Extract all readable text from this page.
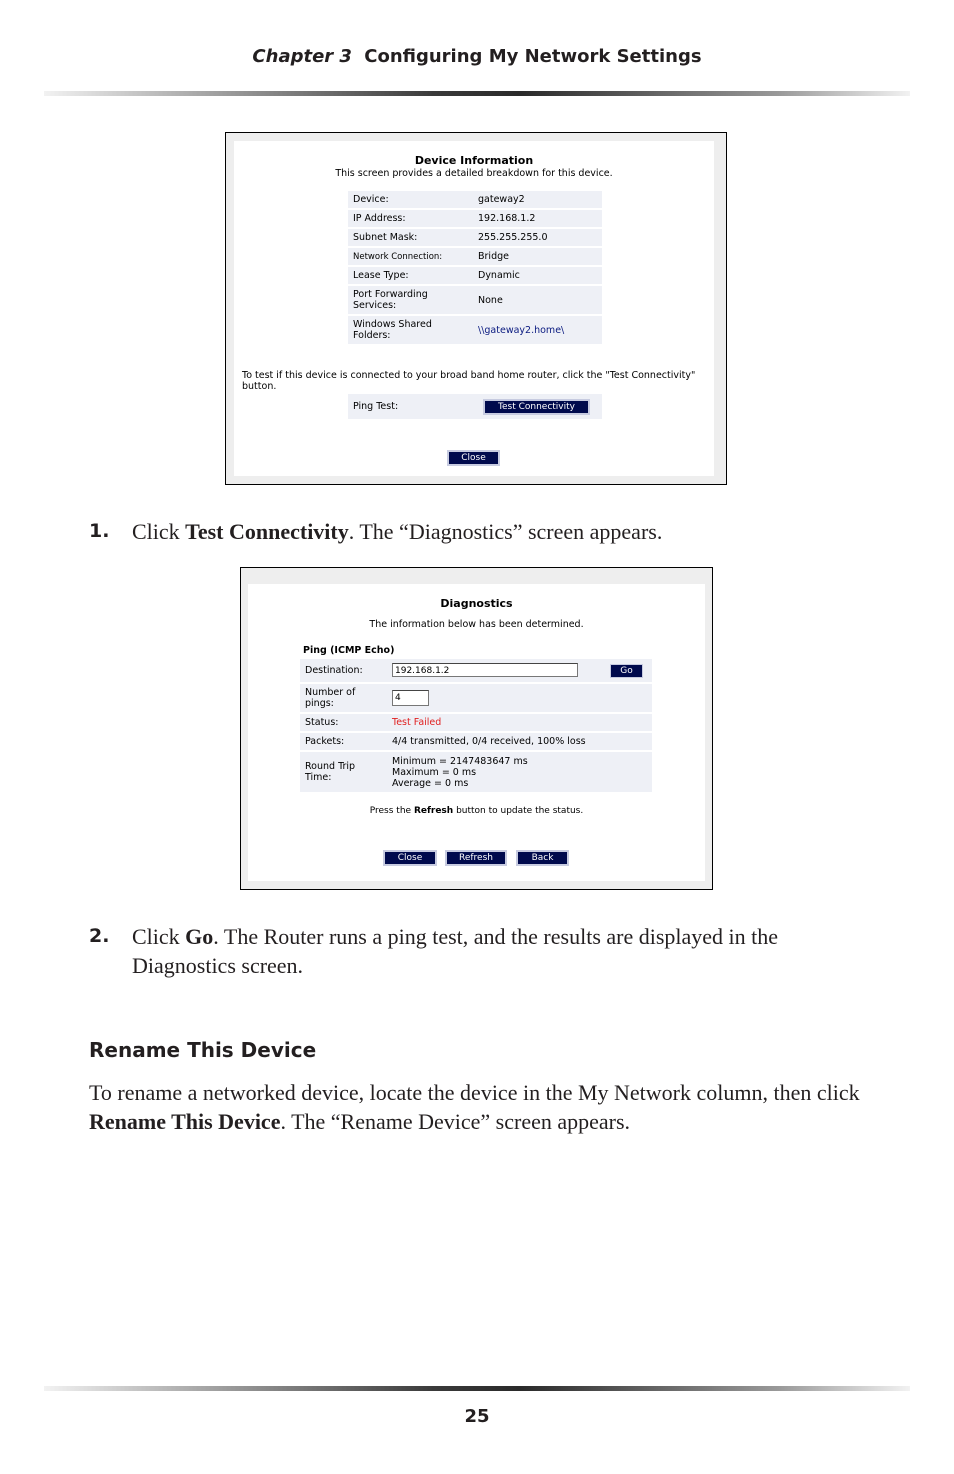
Chapter 3 Configuring My Network Settings
Device Information
This screen provides a detailed breakdown for this device.
Device:	gateway2
IP Address:	192.168.1.2
Subnet Mask:	255.255.255.0
Network Connection:	Bridge
Lease Type:	Dynamic
Port Forwarding Services:	None
Windows Shared Folders:	\\gateway2.home\
To test if this device is connected to your broad band home router, click the "Test Connectivity" button.
Ping Test:	Test Connectivity
Close
1. Click Test Connectivity. The “Diagnostics” screen appears.
Diagnostics
The information below has been determined.
Ping (ICMP Echo)
Destination:	192.168.1.2 Go
Number of pings:	4
Status:	Test Failed
Packets:	4/4 transmitted, 0/4 received, 100% loss
Round Trip Time:	Minimum = 2147483647 ms
Maximum = 0 ms
Average = 0 ms
Press the Refresh button to update the status.
Close	Refresh	Back
2. Click Go. The Router runs a ping test, and the results are displayed in the Diagnostics screen.
Rename This Device
To rename a networked device, locate the device in the My Network column, then click Rename This Device. The “Rename Device” screen appears.
25
